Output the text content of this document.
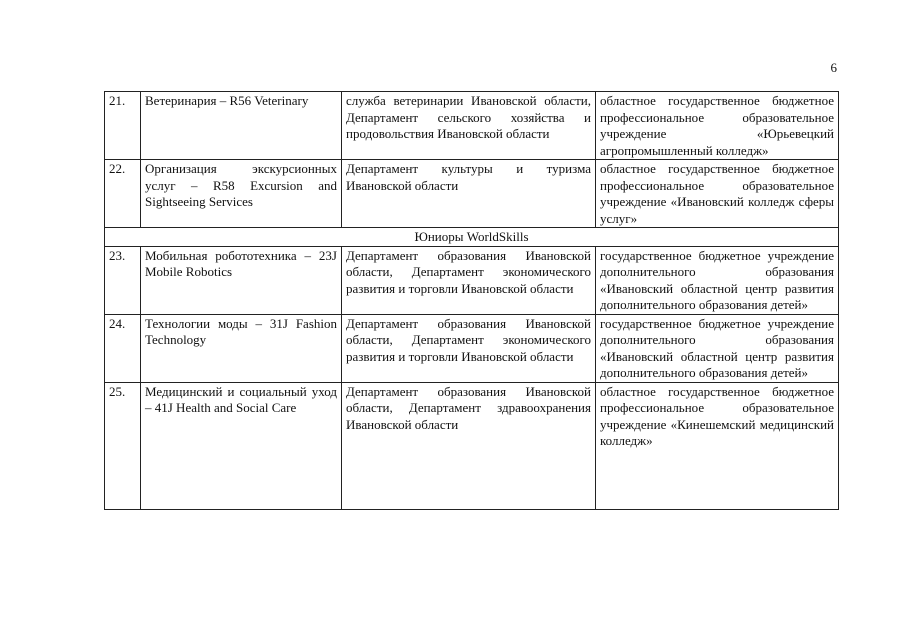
6
21.	Ветеринария – R56 Veterinary	служба ветеринарии Ивановской области, Департамент сельского хозяйства и продовольствия Ивановской области	областное государственное бюджетное профессиональное образовательное учреждение «Юрьевецкий агропромышленный колледж»
22.	Организация экскурсионных услуг – R58 Excursion and Sightseeing Services	Департамент культуры и туризма Ивановской области	областное государственное бюджетное профессиональное образовательное учреждение «Ивановский колледж сферы услуг»
Юниоры WorldSkills			
23.	Мобильная робототехника – 23J Mobile Robotics	Департамент образования Ивановской области, Департамент экономического развития и торговли Ивановской области	государственное бюджетное учреждение дополнительного образования «Ивановский областной центр развития дополнительного образования детей»
24.	Технологии моды – 31J Fashion Technology	Департамент образования Ивановской области, Департамент экономического развития и торговли Ивановской области	государственное бюджетное учреждение дополнительного образования «Ивановский областной центр развития дополнительного образования детей»
25.	Медицинский и социальный уход – 41J Health and Social Care	Департамент образования Ивановской области, Департамент здравоохранения Ивановской области	областное государственное бюджетное профессиональное образовательное учреждение «Кинешемский медицинский колледж»
